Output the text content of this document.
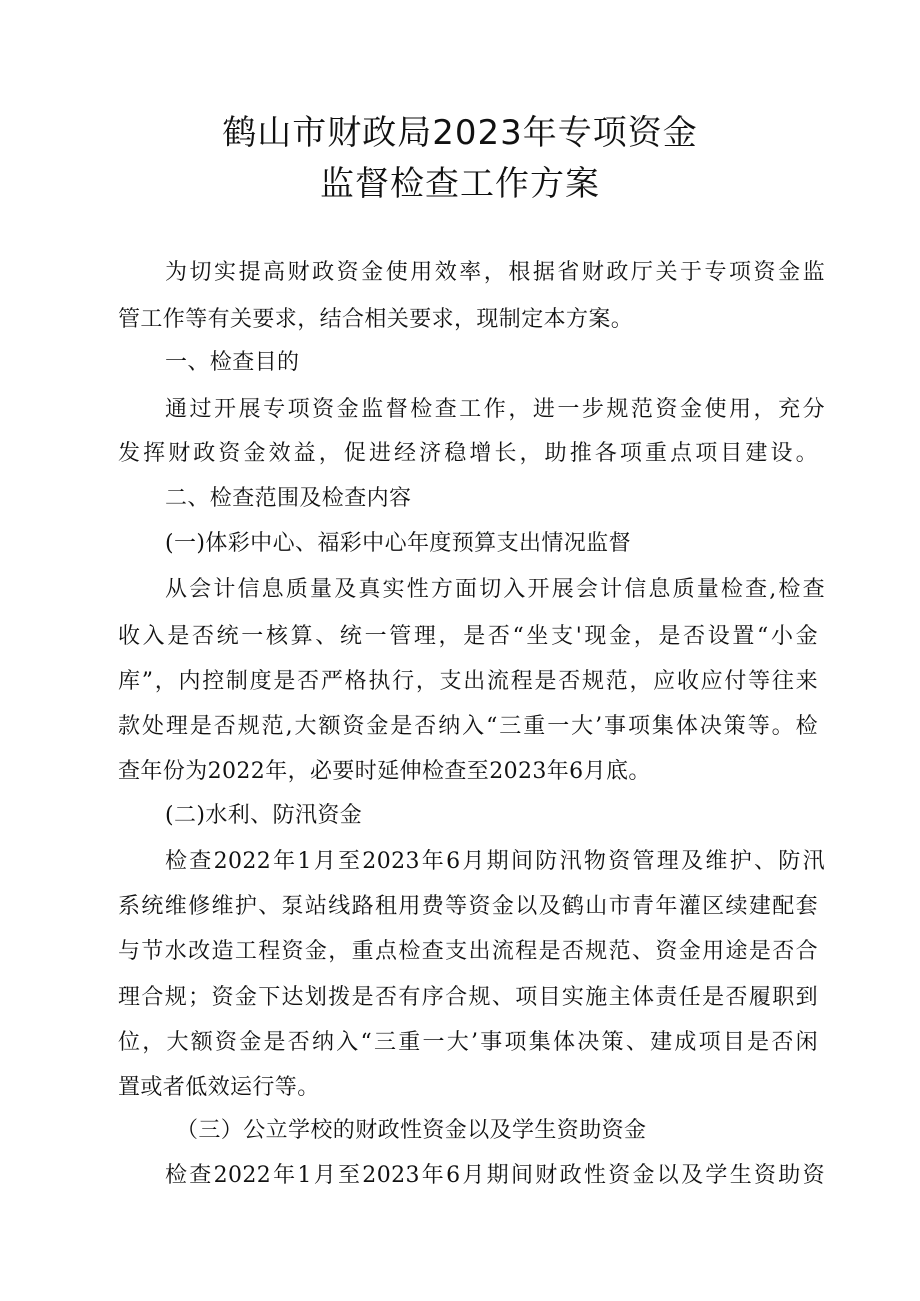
鹤山市财政局2023年专项资金
监督检查工作方案
为切实提高财政资金使用效率，根据省财政厅关于专项资金监
管工作等有关要求，结合相关要求，现制定本方案。
一、检查目的
通过开展专项资金监督检查工作，进一步规范资金使用，充分
发挥财政资金效益，促进经济稳增长，助推各项重点项目建设。
二、检查范围及检查内容
(一)体彩中心、福彩中心年度预算支出情况监督
从会计信息质量及真实性方面切入开展会计信息质量检查,检查
收入是否统一核算、统一管理，是否“坐支'现金，是否设置“小金
库”，内控制度是否严格执行，支出流程是否规范，应收应付等往来
款处理是否规范,大额资金是否纳入“三重一大’事项集体决策等。检
查年份为2022年，必要时延伸检查至2023年6月底。
(二)水利、防汛资金
检查2022年1月至2023年6月期间防汛物资管理及维护、防汛
系统维修维护、泵站线路租用费等资金以及鹤山市青年灌区续建配套
与节水改造工程资金，重点检查支出流程是否规范、资金用途是否合
理合规；资金下达划拨是否有序合规、项目实施主体责任是否履职到
位，大额资金是否纳入“三重一大’事项集体决策、建成项目是否闲
置或者低效运行等。
（三）公立学校的财政性资金以及学生资助资金
检查2022年1月至2023年6月期间财政性资金以及学生资助资
